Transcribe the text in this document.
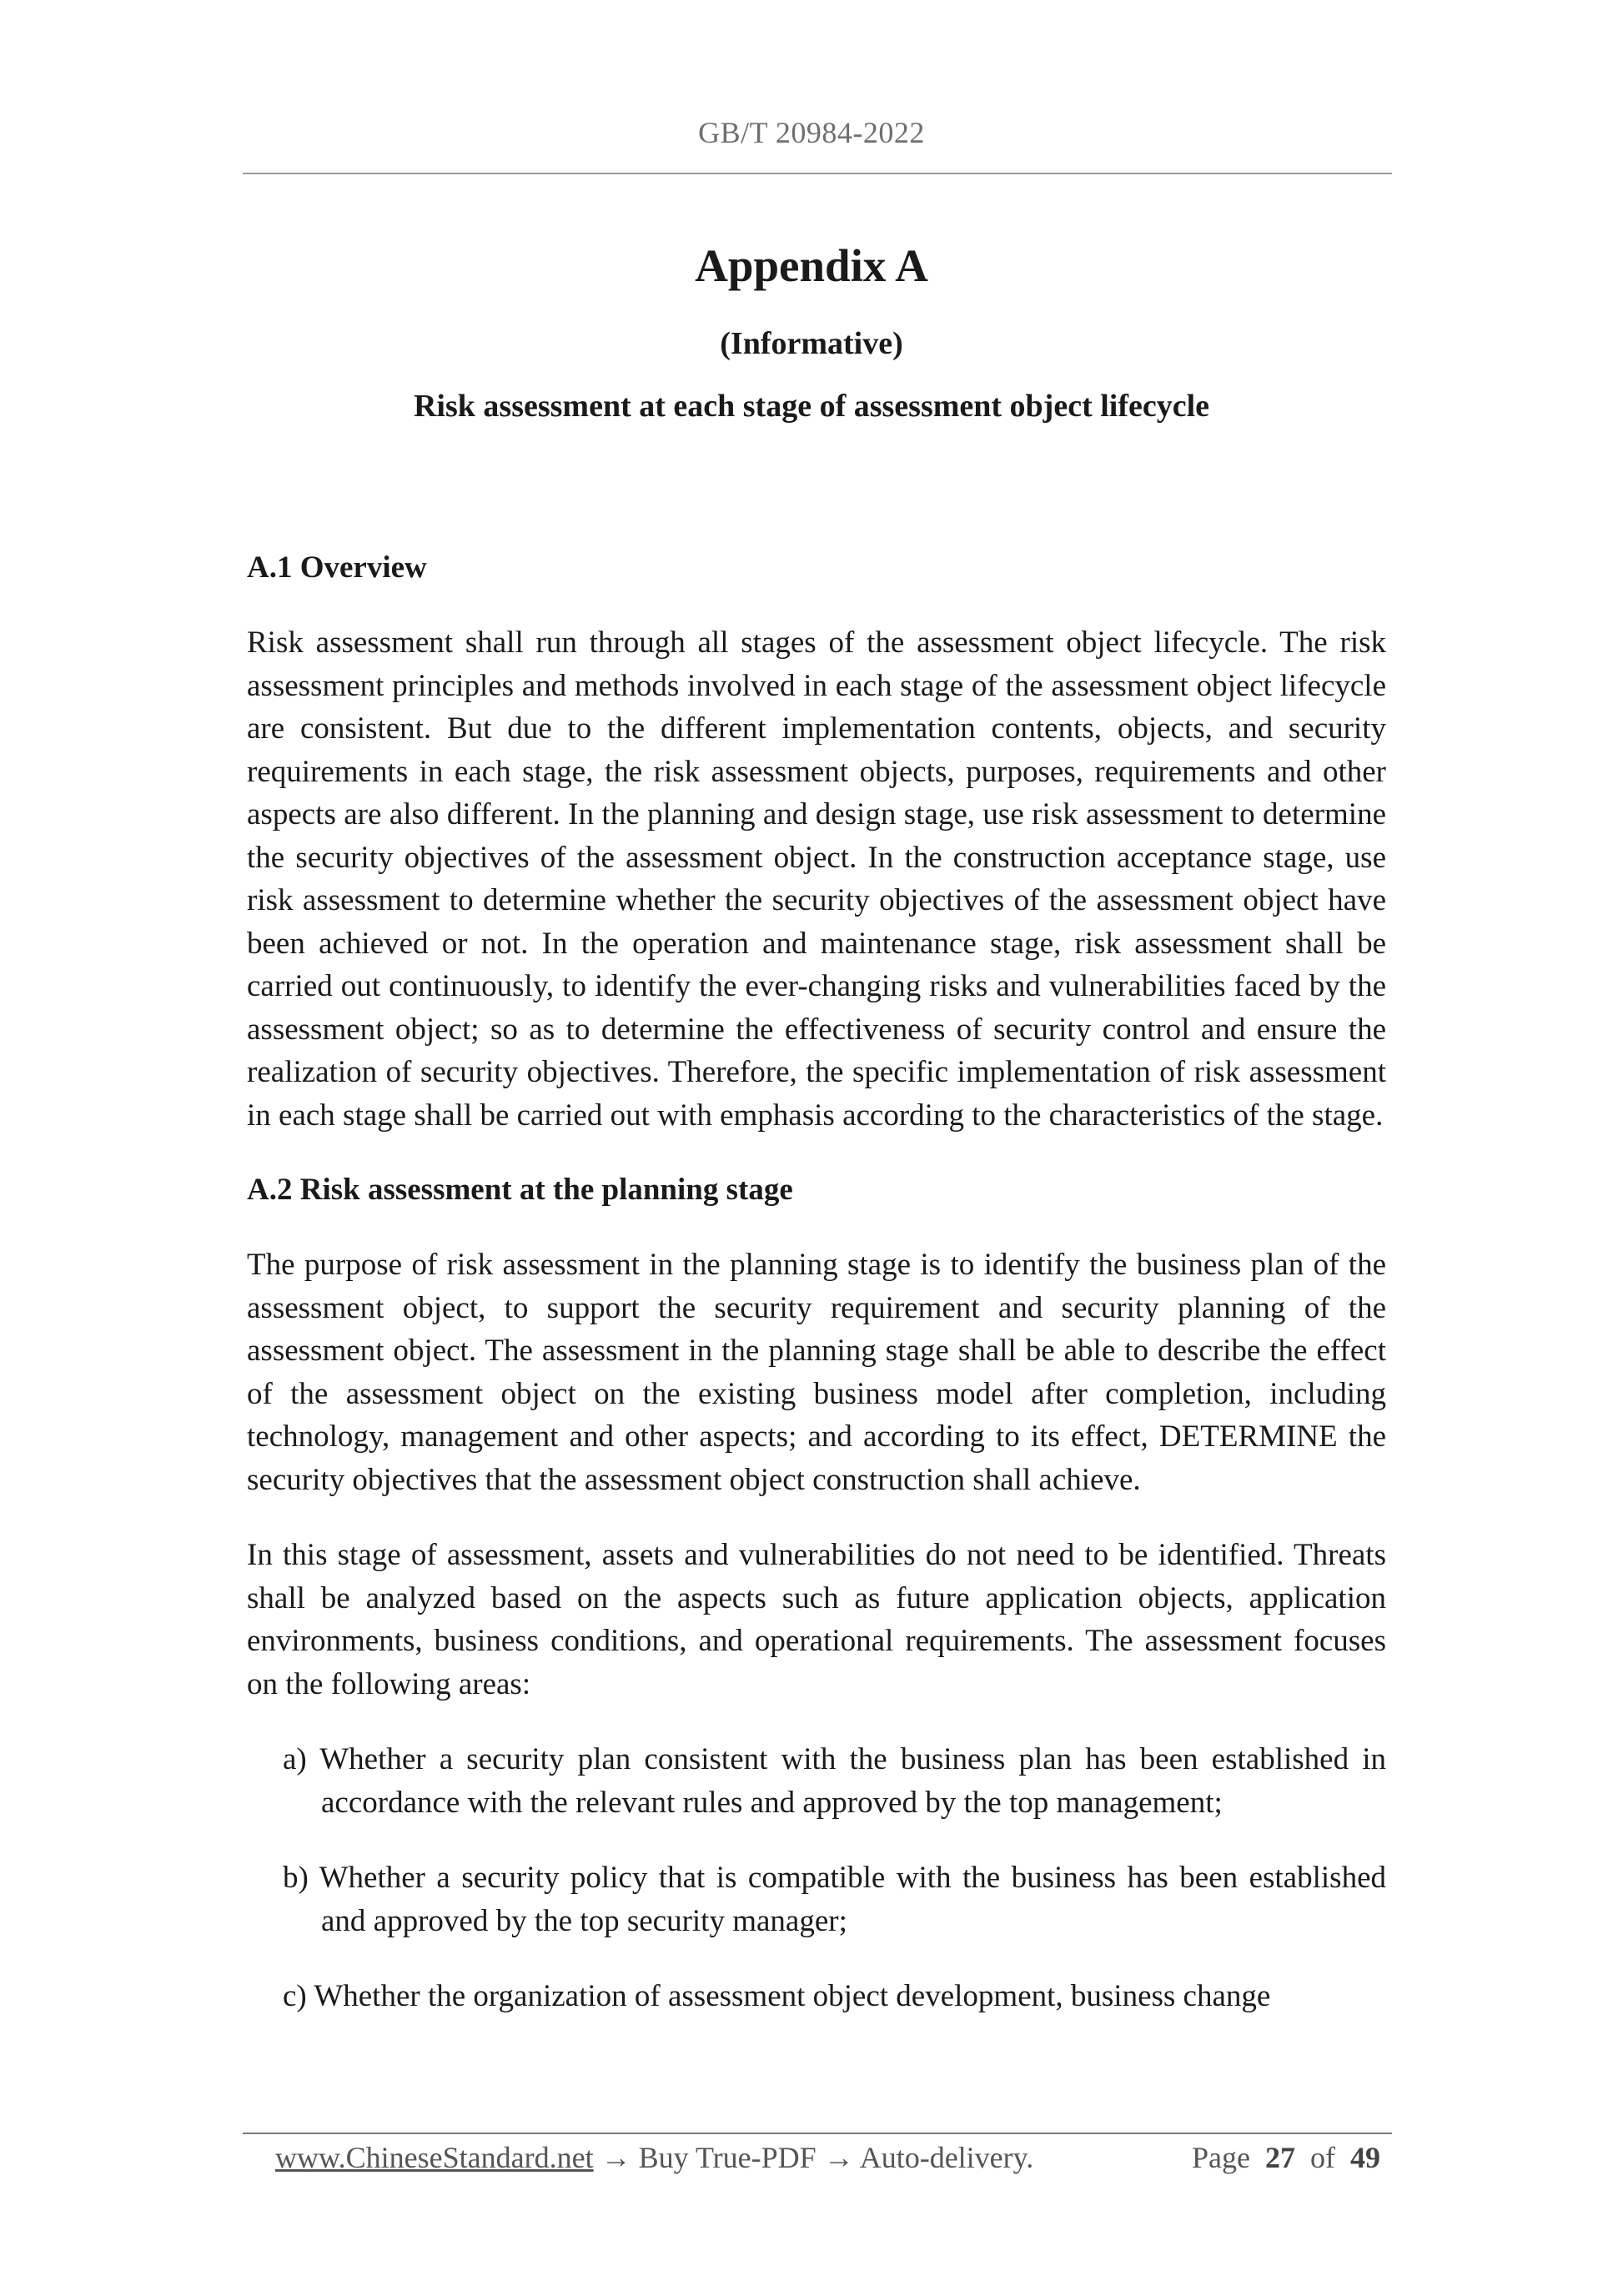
GB/T 20984-2022
Appendix A
(Informative)
Risk assessment at each stage of assessment object lifecycle
A.1 Overview

Risk assessment shall run through all stages of the assessment object lifecycle. The risk assessment principles and methods involved in each stage of the assessment object lifecycle are consistent. But due to the different implementation contents, objects, and security requirements in each stage, the risk assessment objects, purposes, requirements and other aspects are also different. In the planning and design stage, use risk assessment to determine the security objectives of the assessment object. In the construction acceptance stage, use risk assessment to determine whether the security objectives of the assessment object have been achieved or not. In the operation and maintenance stage, risk assessment shall be carried out continuously, to identify the ever-changing risks and vulnerabilities faced by the assessment object; so as to determine the effectiveness of security control and ensure the realization of security objectives. Therefore, the specific implementation of risk assessment in each stage shall be carried out with emphasis according to the characteristics of the stage.

A.2 Risk assessment at the planning stage

The purpose of risk assessment in the planning stage is to identify the business plan of the assessment object, to support the security requirement and security planning of the assessment object. The assessment in the planning stage shall be able to describe the effect of the assessment object on the existing business model after completion, including technology, management and other aspects; and according to its effect, DETERMINE the security objectives that the assessment object construction shall achieve.

In this stage of assessment, assets and vulnerabilities do not need to be identified. Threats shall be analyzed based on the aspects such as future application objects, application environments, business conditions, and operational requirements. The assessment focuses on the following areas:

a) Whether a security plan consistent with the business plan has been established in accordance with the relevant rules and approved by the top management;

b) Whether a security policy that is compatible with the business has been established and approved by the top security manager;

c) Whether the organization of assessment object development, business change

www.ChineseStandard.net → Buy True-PDF → Auto-delivery.	Page 27 of 49
